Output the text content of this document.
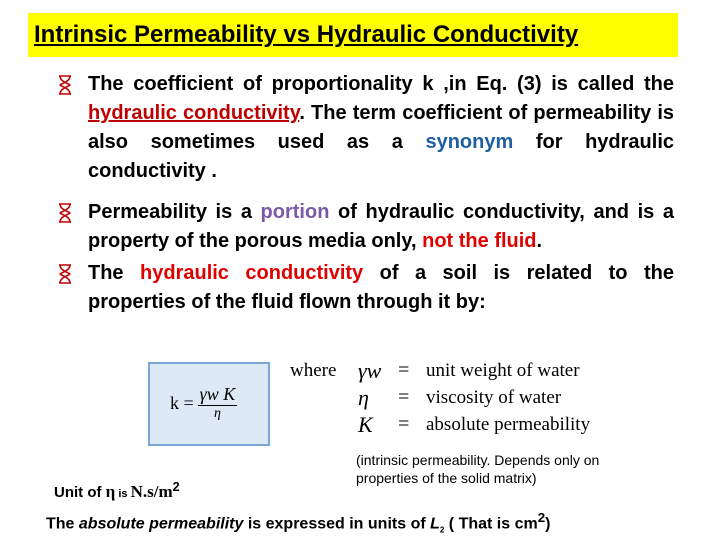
Intrinsic Permeability vs Hydraulic Conductivity
The coefficient of proportionality k ,in Eq. (3) is called the hydraulic conductivity. The term coefficient of permeability is also sometimes used as a synonym for hydraulic conductivity .
Permeability is a portion of hydraulic conductivity, and is a property of the porous media only, not the fluid.
The hydraulic conductivity of a soil is related to the properties of the fluid flown through it by:
$k = \frac{\text{γw K}}{\eta}$
where γw = unit weight of water
η	= viscosity of water
K	= absolute permeability
Unit of η is $N.s/m^2$
(intrinsic permeability. Depends only on properties of the solid matrix)
The absolute permeability is expressed in units of $L_2$ ( That is $cm^2$)
